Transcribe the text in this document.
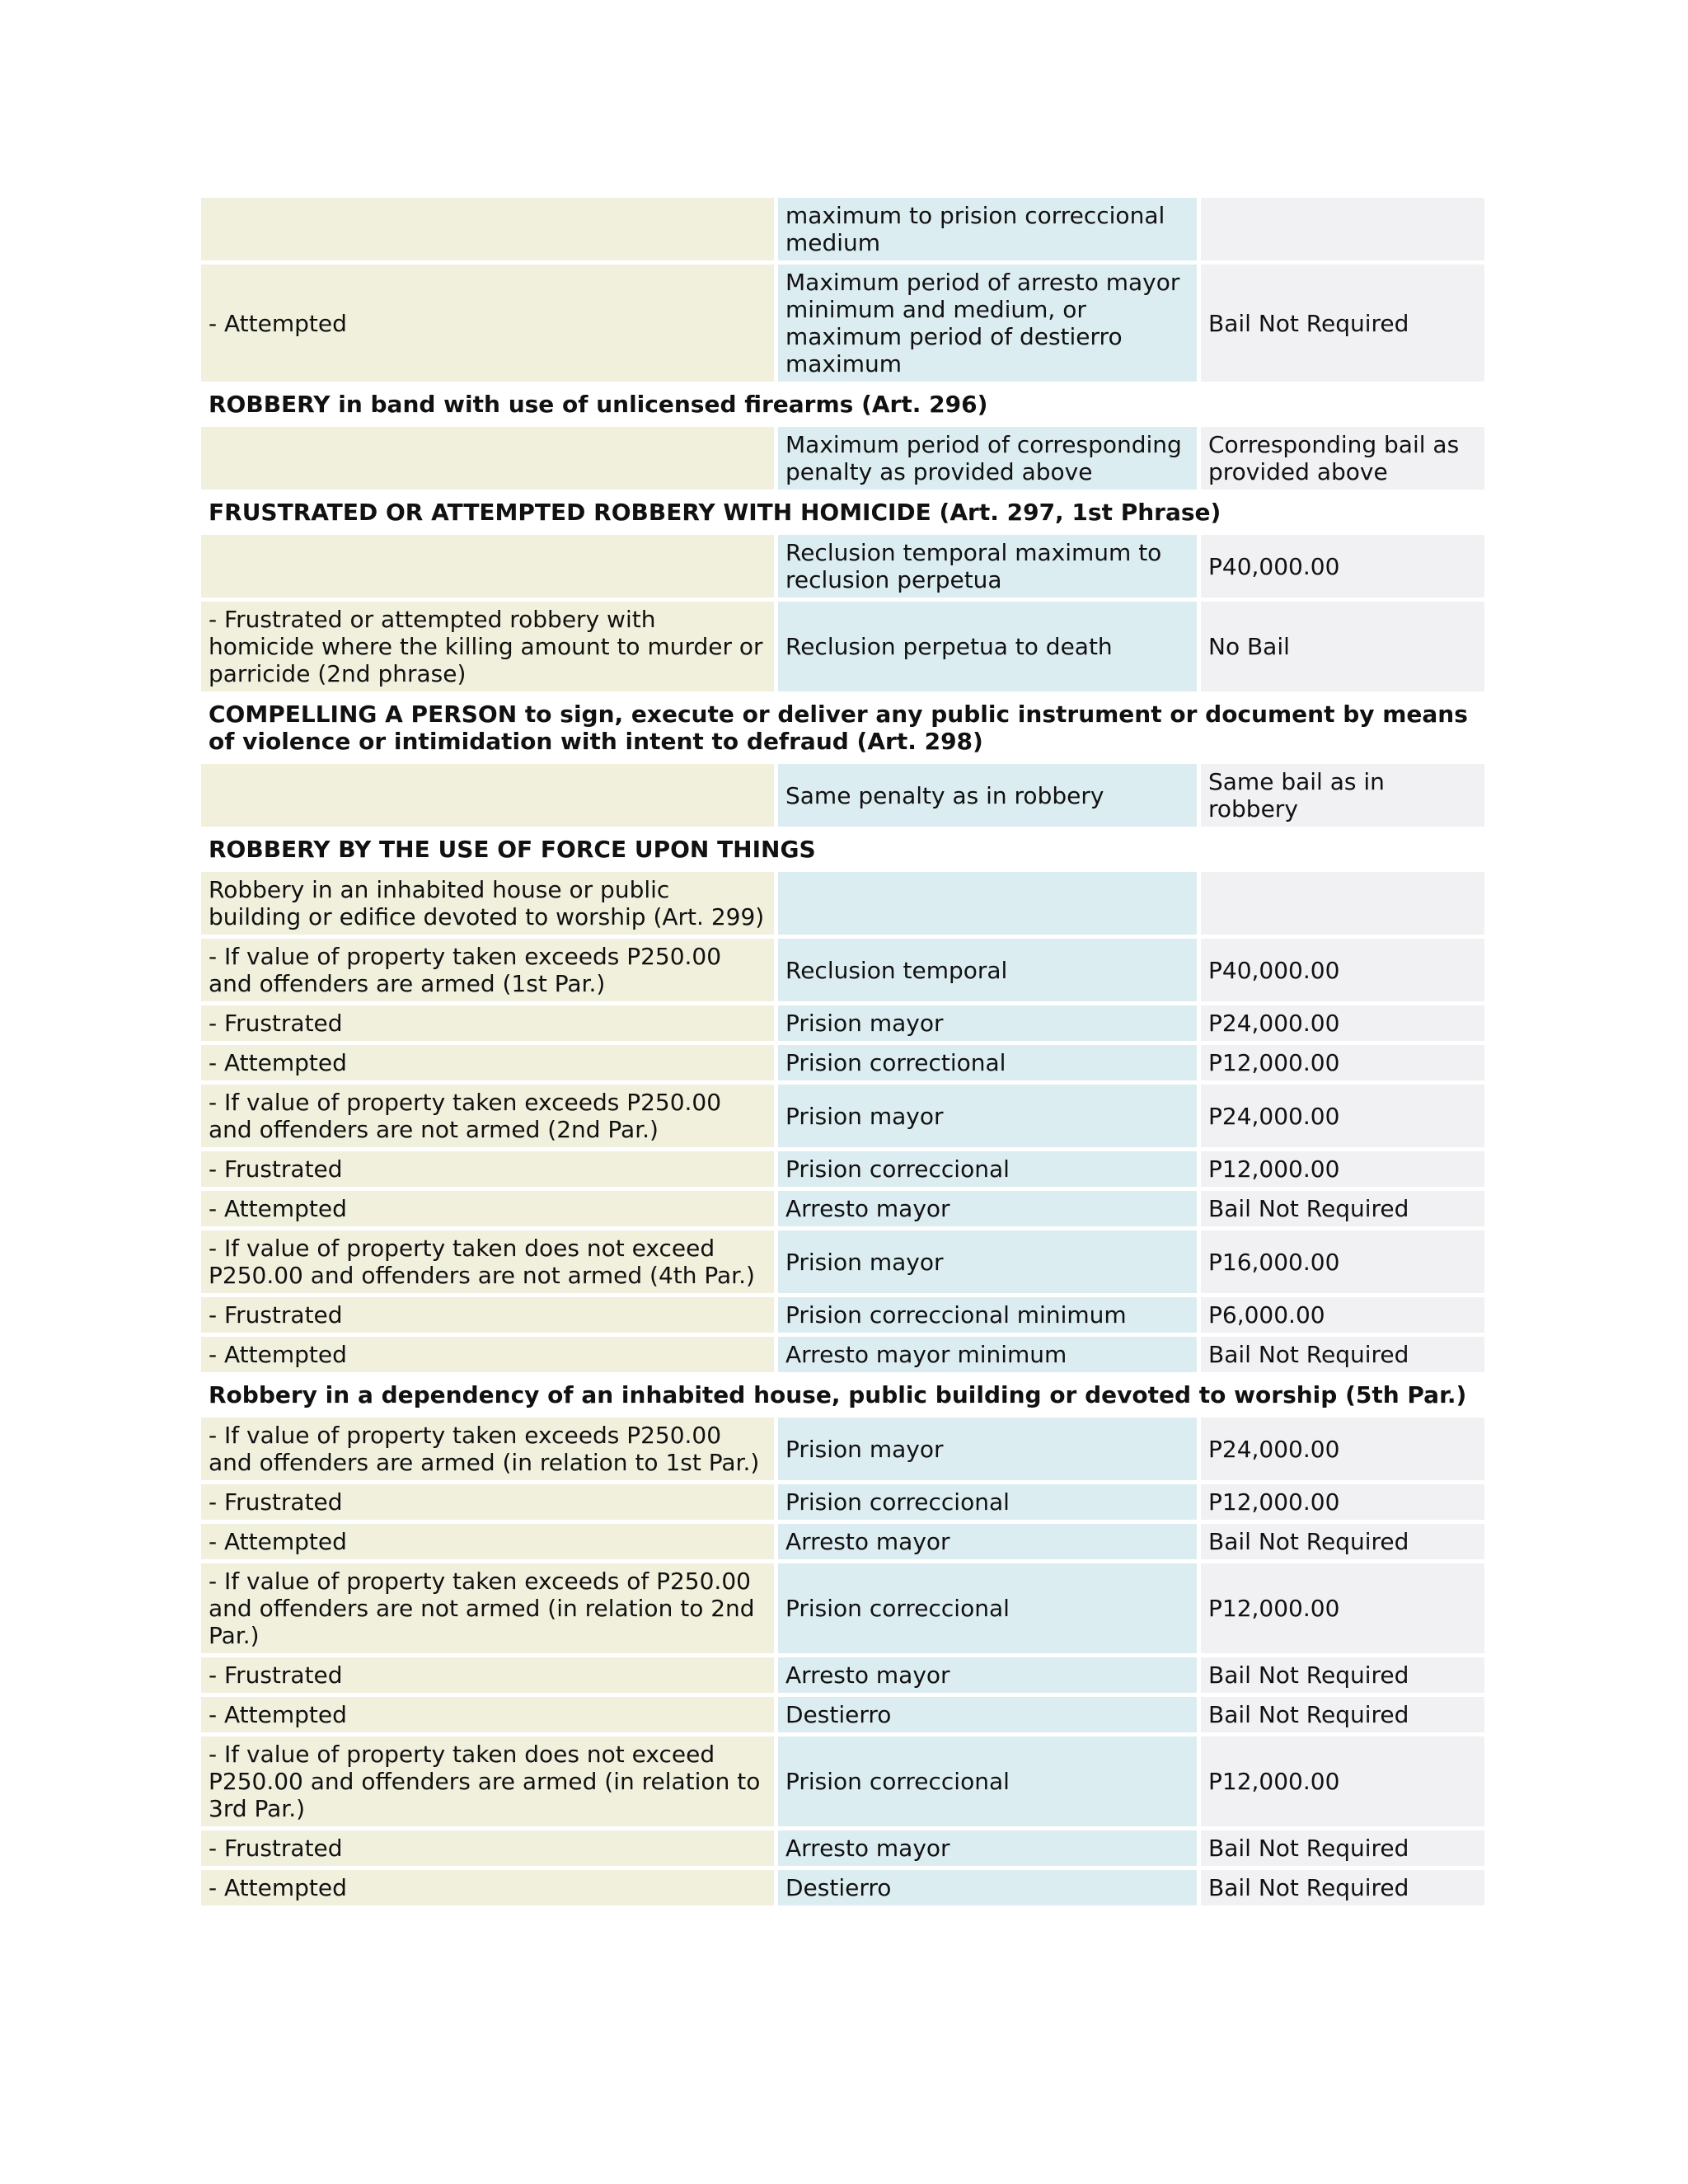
	maximum to prision correccional medium	
- Attempted	Maximum period of arresto mayor minimum and medium, or maximum period of destierro maximum	Bail Not Required
ROBBERY in band with use of unlicensed firearms (Art. 296)		
	Maximum period of corresponding penalty as provided above	Corresponding bail as provided above
FRUSTRATED OR ATTEMPTED ROBBERY WITH HOMICIDE (Art. 297, 1st Phrase)		
	Reclusion temporal maximum to reclusion perpetua	P40,000.00
- Frustrated or attempted robbery with homicide where the killing amount to murder or parricide (2nd phrase)	Reclusion perpetua to death	No Bail
COMPELLING A PERSON to sign, execute or deliver any public instrument or document by means of violence or intimidation with intent to defraud (Art. 298)		
	Same penalty as in robbery	Same bail as in robbery
ROBBERY BY THE USE OF FORCE UPON THINGS		
Robbery in an inhabited house or public building or edifice devoted to worship (Art. 299)		
- If value of property taken exceeds P250.00 and offenders are armed (1st Par.)	Reclusion temporal	P40,000.00
- Frustrated	Prision mayor	P24,000.00
- Attempted	Prision correctional	P12,000.00
- If value of property taken exceeds P250.00 and offenders are not armed (2nd Par.)	Prision mayor	P24,000.00
- Frustrated	Prision correccional	P12,000.00
- Attempted	Arresto mayor	Bail Not Required
- If value of property taken does not exceed P250.00 and offenders are not armed (4th Par.)	Prision mayor	P16,000.00
- Frustrated	Prision correccional minimum	P6,000.00
- Attempted	Arresto mayor minimum	Bail Not Required
Robbery in a dependency of an inhabited house, public building or devoted to worship (5th Par.)		
- If value of property taken exceeds P250.00 and offenders are armed (in relation to 1st Par.)	Prision mayor	P24,000.00
- Frustrated	Prision correccional	P12,000.00
- Attempted	Arresto mayor	Bail Not Required
- If value of property taken exceeds of P250.00 and offenders are not armed (in relation to 2nd Par.)	Prision correccional	P12,000.00
- Frustrated	Arresto mayor	Bail Not Required
- Attempted	Destierro	Bail Not Required
- If value of property taken does not exceed P250.00 and offenders are armed (in relation to 3rd Par.)	Prision correccional	P12,000.00
- Frustrated	Arresto mayor	Bail Not Required
- Attempted	Destierro	Bail Not Required
